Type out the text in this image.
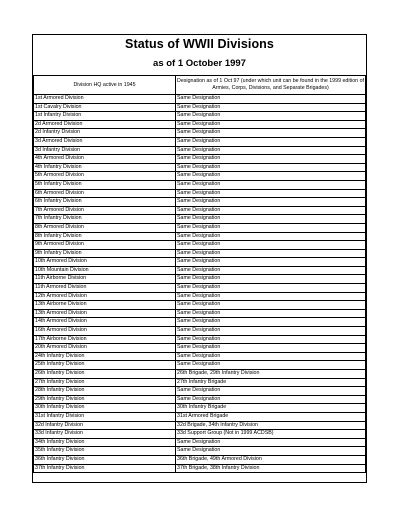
Status of WWII Divisions
as of 1 October 1997
Division HQ active in 1945	Designation as of 1 Oct 97 (under which unit can be found in the 1999 edition of Armies, Corps, Divisions, and Separate Brigades)
1st Armored Division	Same Designation
1st Cavalry Division	Same Designation
1st Infantry Division	Same Designation
2d Armored Division	Same Designation
2d Infantry Division	Same Designation
3d Armored Division	Same Designation
3d Infantry Division	Same Designation
4th Armored Division	Same Designation
4th Infantry Division	Same Designation
5th Armored Division	Same Designation
5th Infantry Division	Same Designation
6th Armored Division	Same Designation
6th Infantry Division	Same Designation
7th Armored Division	Same Designation
7th Infantry Division	Same Designation
8th Armored Division	Same Designation
8th Infantry Division	Same Designation
9th Armored Division	Same Designation
9th Infantry Division	Same Designation
10th Armored Division	Same Designation
10th Mountain Division	Same Designation
11th Airborne Division	Same Designation
11th Armored Division	Same Designation
12th Armored Division	Same Designation
13th Airborne Division	Same Designation
13th Armored Division	Same Designation
14th Armored Division	Same Designation
16th Armored Division	Same Designation
17th Airborne Division	Same Designation
20th Armored Division	Same Designation
24th Infantry Division	Same Designation
25th Infantry Division	Same Designation
26th Infantry Division	26th Brigade, 29th Infantry Division
27th Infantry Division	27th Infantry Brigade
28th Infantry Division	Same Designation
29th Infantry Division	Same Designation
30th Infantry Division	30th Infantry Brigade
31st Infantry Division	31st Armored Brigade
32d Infantry Division	32d Brigade, 34th Infantry Division
33d Infantry Division	33d Support Group (Not in 1999 ACDSB)
34th Infantry Division	Same Designation
35th Infantry Division	Same Designation
36th Infantry Division	36th Brigade, 49th Armored Division
37th Infantry Division	37th Brigade, 38th Infantry Division
